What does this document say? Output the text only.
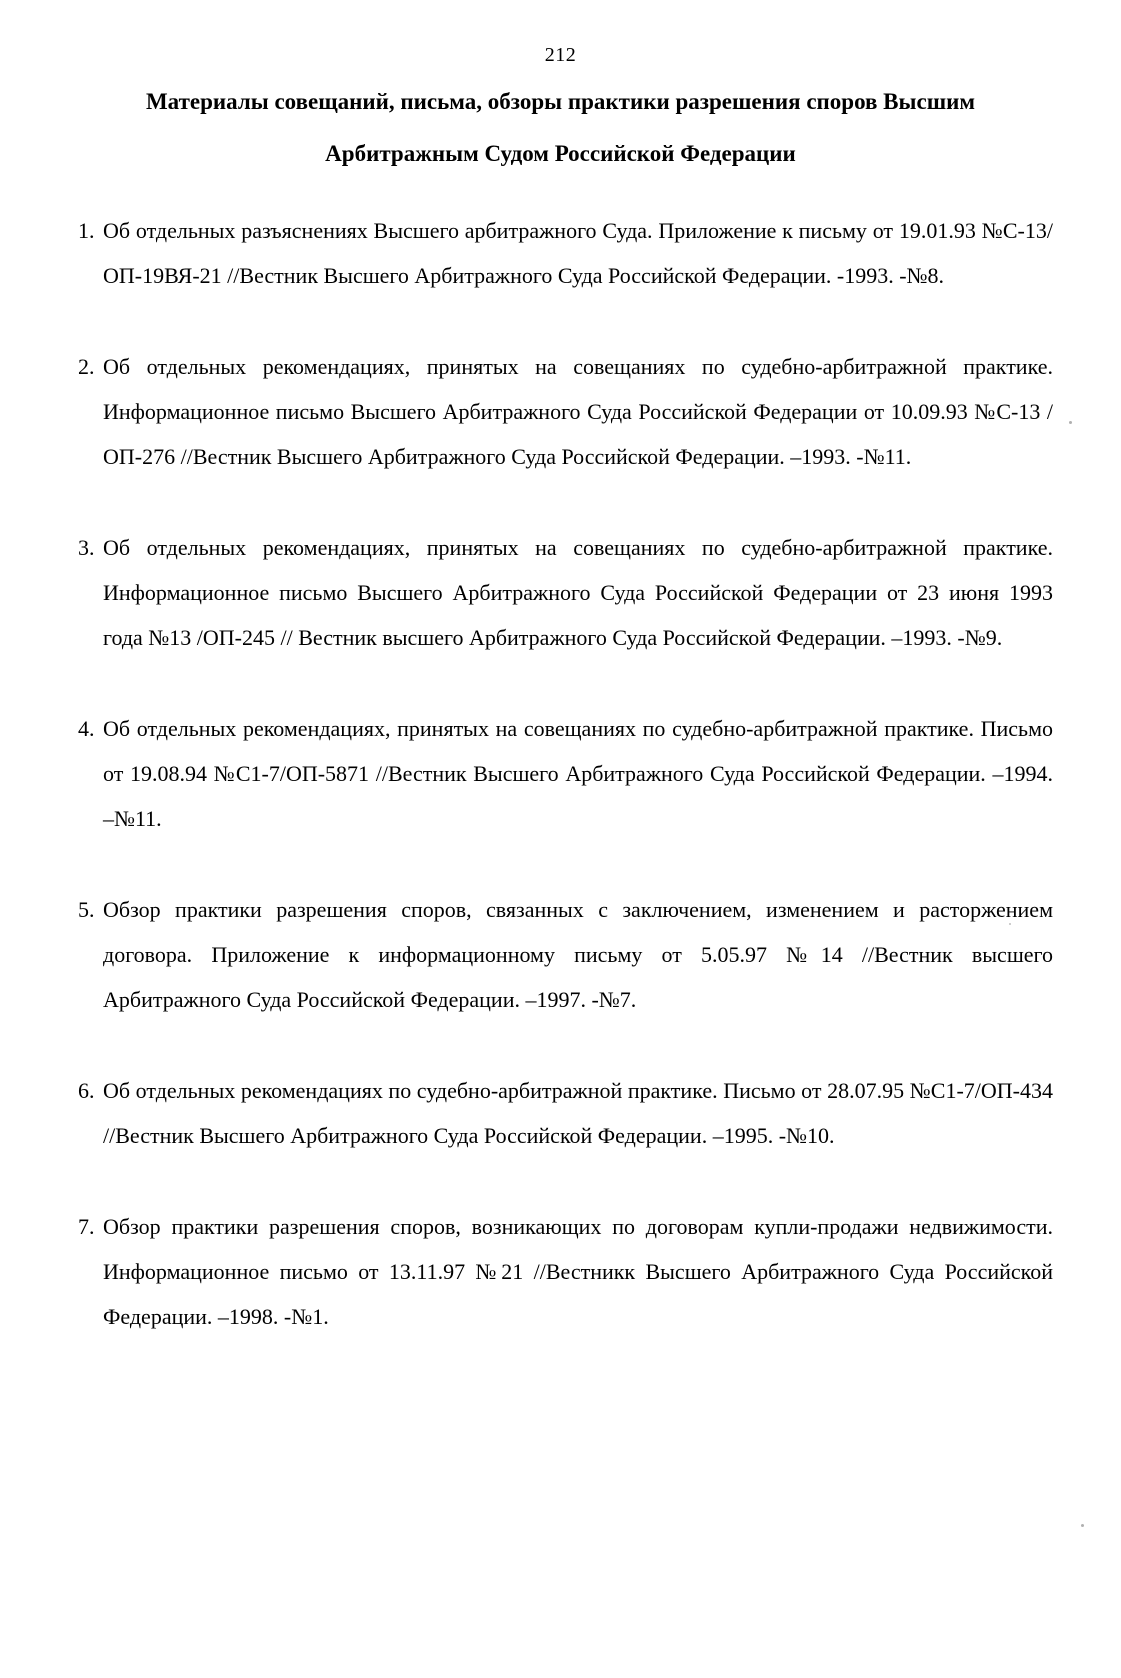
212
Материалы совещаний, письма, обзоры практики разрешения споров Высшим
Арбитражным Судом Российской Федерации
1. Об отдельных разъяснениях Высшего арбитражного Суда. Приложение к письму от 19.01.93 №С-13/ОП-19ВЯ-21 //Вестник Высшего Арбитражного Суда Российской Федерации. -1993. -№8.
2. Об отдельных рекомендациях, принятых на совещаниях по судебно-арбитражной практике. Информационное письмо Высшего Арбитражного Суда Российской Федерации от 10.09.93 №С-13 /ОП-276 //Вестник Высшего Арбитражного Суда Российской Федерации. –1993. -№11.
3. Об отдельных рекомендациях, принятых на совещаниях по судебно-арбитражной практике. Информационное письмо Высшего Арбитражного Суда Российской Федерации от 23 июня 1993 года №13 /ОП-245 // Вестник высшего Арбитражного Суда Российской Федерации. –1993. -№9.
4. Об отдельных рекомендациях, принятых на совещаниях по судебно-арбитражной практике. Письмо от 19.08.94 №С1-7/ОП-5871 //Вестник Высшего Арбитражного Суда Российской Федерации. –1994. –№11.
5. Обзор практики разрешения споров, связанных с заключением, изменением и расторжением договора. Приложение к информационному письму от 5.05.97 №14 //Вестник высшего Арбитражного Суда Российской Федерации. –1997. -№7.
6. Об отдельных рекомендациях по судебно-арбитражной практике. Письмо от 28.07.95 №С1-7/ОП-434 //Вестник Высшего Арбитражного Суда Российской Федерации. –1995. -№10.
7. Обзор практики разрешения споров, возникающих по договорам купли-продажи недвижимости. Информационное письмо от 13.11.97 №21 //Вестникк Высшего Арбитражного Суда Российской Федерации. –1998. -№1.
